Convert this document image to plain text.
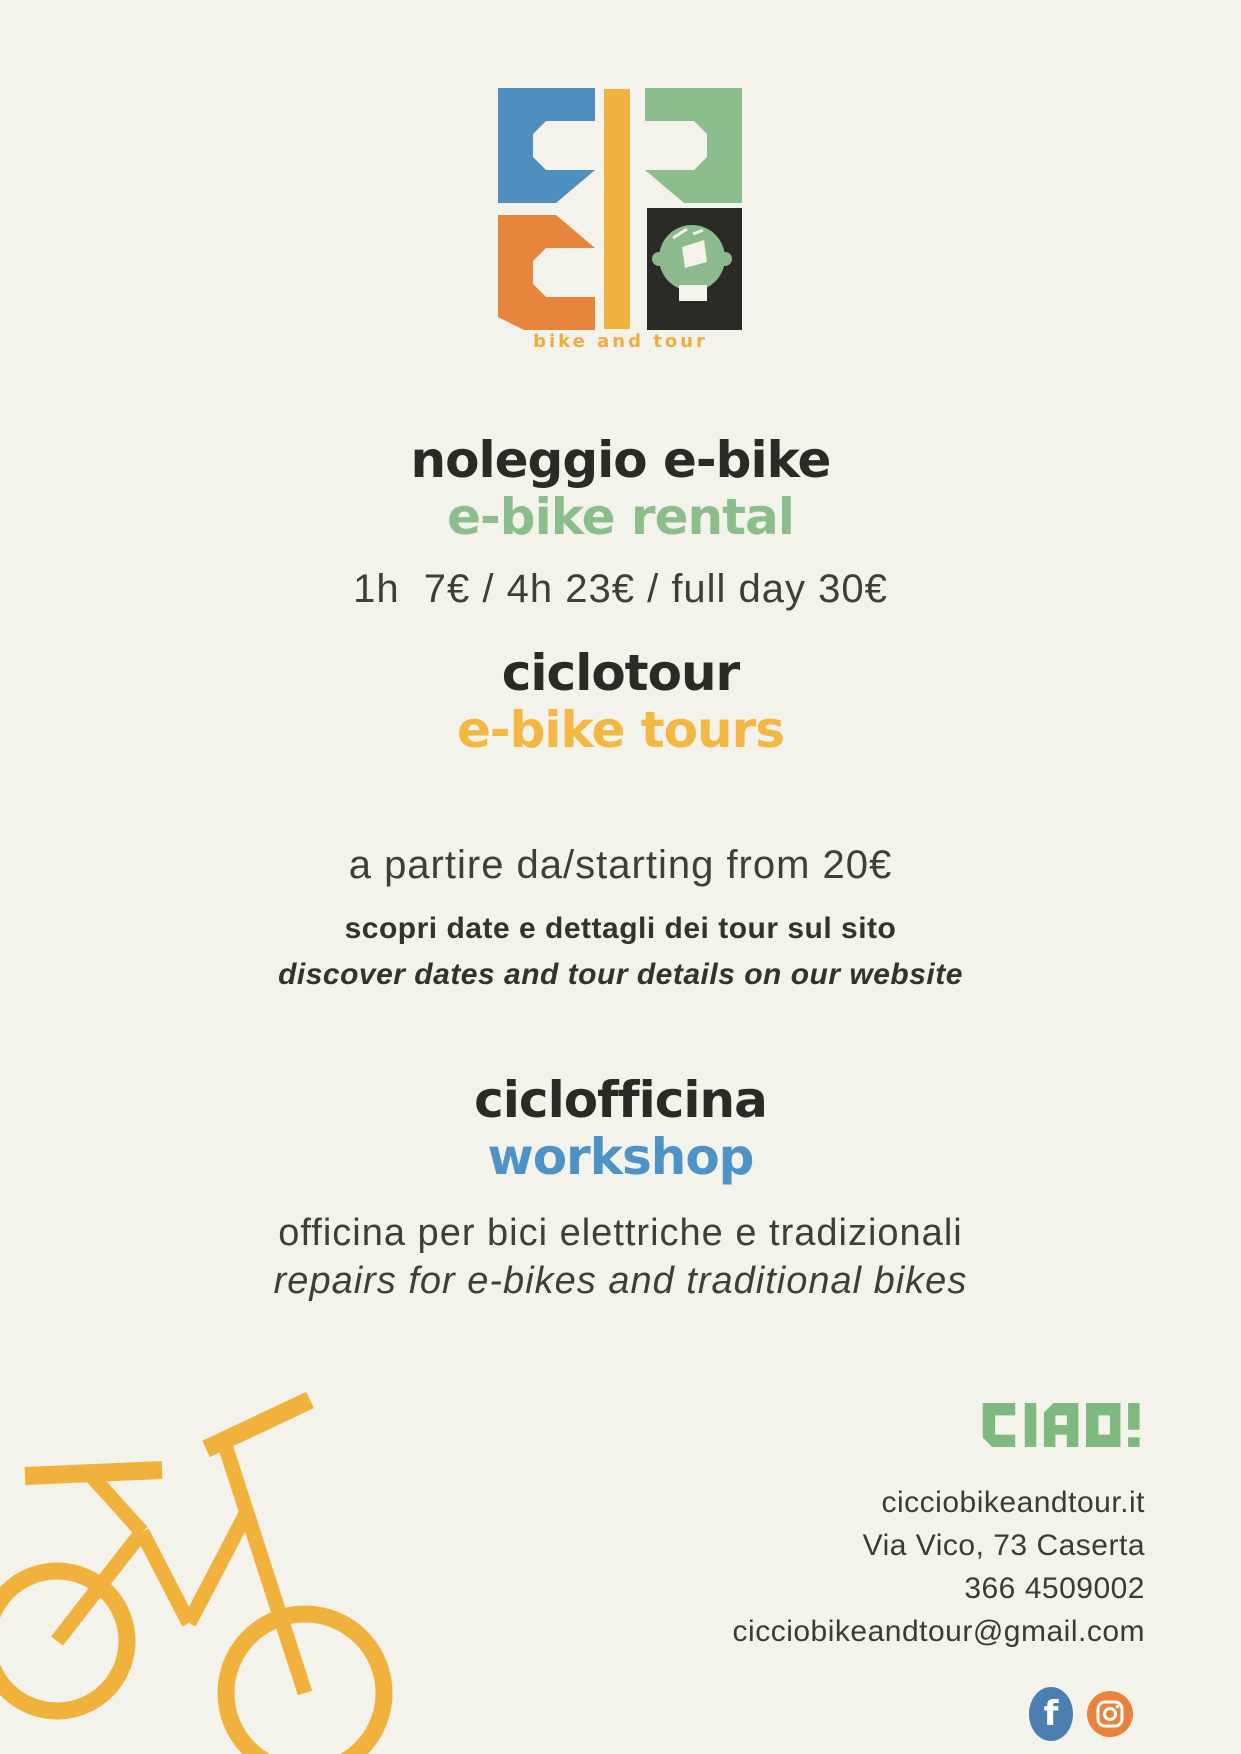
bike and tour
noleggio e-bike
e-bike rental
1h  7€ / 4h 23€ / full day 30€
ciclotour
e-bike tours
a partire da/starting from 20€
scopri date e dettagli dei tour sul sito
discover dates and tour details on our website
ciclofficina
workshop
officina per bici elettriche e tradizionali
repairs for e-bikes and traditional bikes
cicciobikeandtour.it
Via Vico, 73 Caserta
366 4509002
cicciobikeandtour@gmail.com
f
